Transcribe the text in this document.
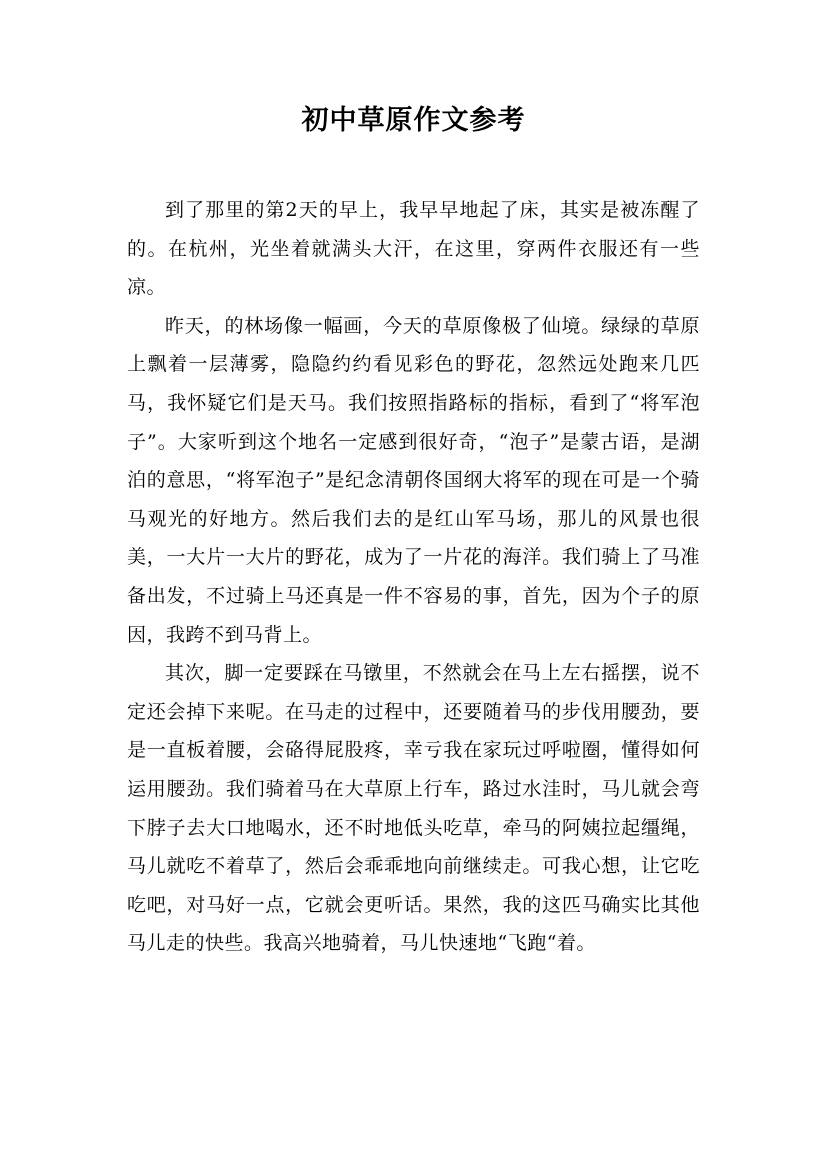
初中草原作文参考

到了那里的第2天的早上，我早早地起了床，其实是被冻醒了的。在杭州，光坐着就满头大汗，在这里，穿两件衣服还有一些凉。

昨天，的林场像一幅画，今天的草原像极了仙境。绿绿的草原上飘着一层薄雾，隐隐约约看见彩色的野花，忽然远处跑来几匹马，我怀疑它们是天马。我们按照指路标的指标，看到了“将军泡子”。大家听到这个地名一定感到很好奇，“泡子”是蒙古语，是湖泊的意思，“将军泡子”是纪念清朝佟国纲大将军的现在可是一个骑马观光的好地方。然后我们去的是红山军马场，那儿的风景也很美，一大片一大片的野花，成为了一片花的海洋。我们骑上了马准备出发，不过骑上马还真是一件不容易的事，首先，因为个子的原因，我跨不到马背上。

其次，脚一定要踩在马镦里，不然就会在马上左右摇摆，说不定还会掉下来呢。在马走的过程中，还要随着马的步伐用腰劲，要是一直板着腰，会硌得屁股疼，幸亏我在家玩过呼啦圈，懂得如何运用腰劲。我们骑着马在大草原上行车，路过水洼时，马儿就会弯下脖子去大口地喝水，还不时地低头吃草，牵马的阿姨拉起缰绳，马儿就吃不着草了，然后会乖乖地向前继续走。可我心想，让它吃吃吧，对马好一点，它就会更听话。果然，我的这匹马确实比其他马儿走的快些。我高兴地骑着，马儿快速地“飞跑“着。
